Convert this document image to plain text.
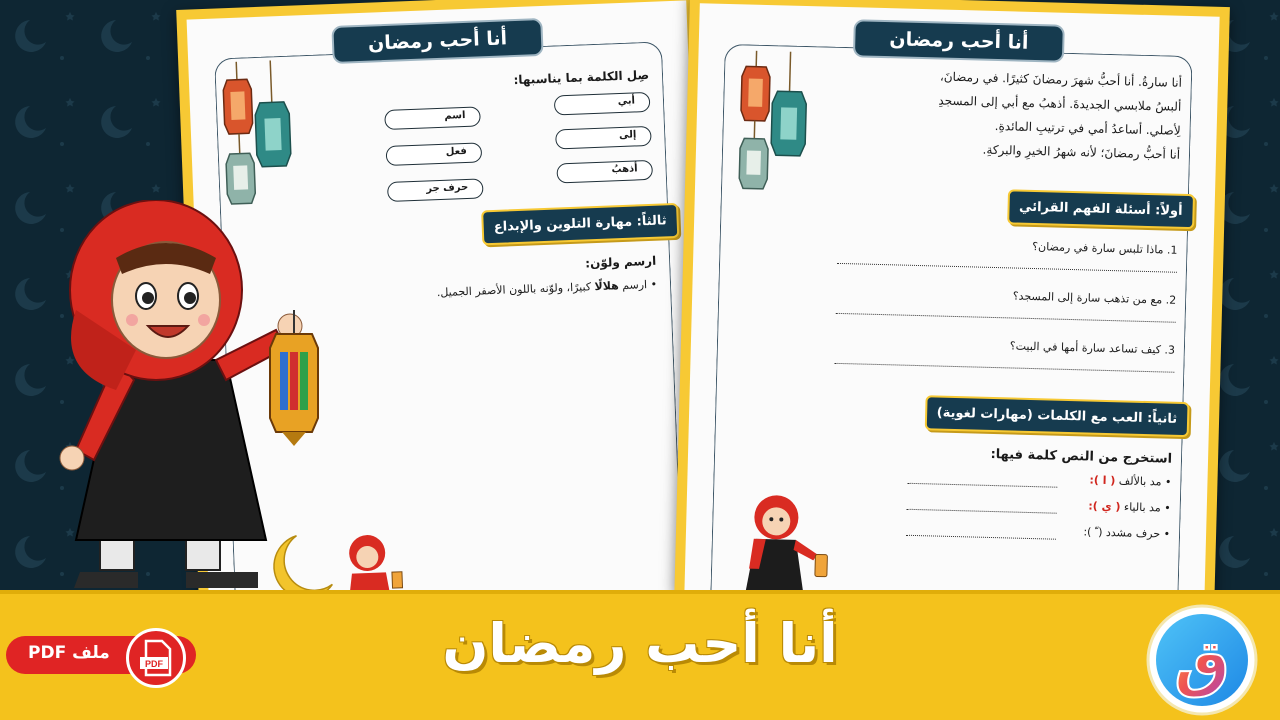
أنا أحب رمضان
صِل الكلمة بما يناسبها:
أبي
إلى
أذهبُ
اسم
فعل
حرف جر
ثالثاً: مهارة التلوين والإبداع
ارسم ولوّن:
• ارسم هلالًا كبيرًا، ولوّنه باللون الأصفر الجميل.
أنا أحب رمضان
أنا سارةُ. أنا أحبُّ شهرَ رمضانَ كثيرًا. في رمضانَ،
ألبسُ ملابسي الجديدةَ. أذهبُ مع أبي إلى المسجدِ
لِأصلي. أساعدُ أمي في ترتيبِ المائدةِ.
أنا أحبُّ رمضانَ؛ لأنه شهرُ الخيرِ والبركةِ.
أولاً: أسئلة الفهم القرائي
1. ماذا تلبس سارة في رمضان؟
2. مع من تذهب سارة إلى المسجد؟
3. كيف تساعد سارة أمها في البيت؟
ثانياً: العب مع الكلمات (مهارات لغوية)
استخرج من النص كلمة فيها:
• مد بالألف ( ا ):
• مد بالياء ( ي ):
• حرف مشدد ( ّ ):
أنا أحب رمضان
ملف PDF
PDF	ق
